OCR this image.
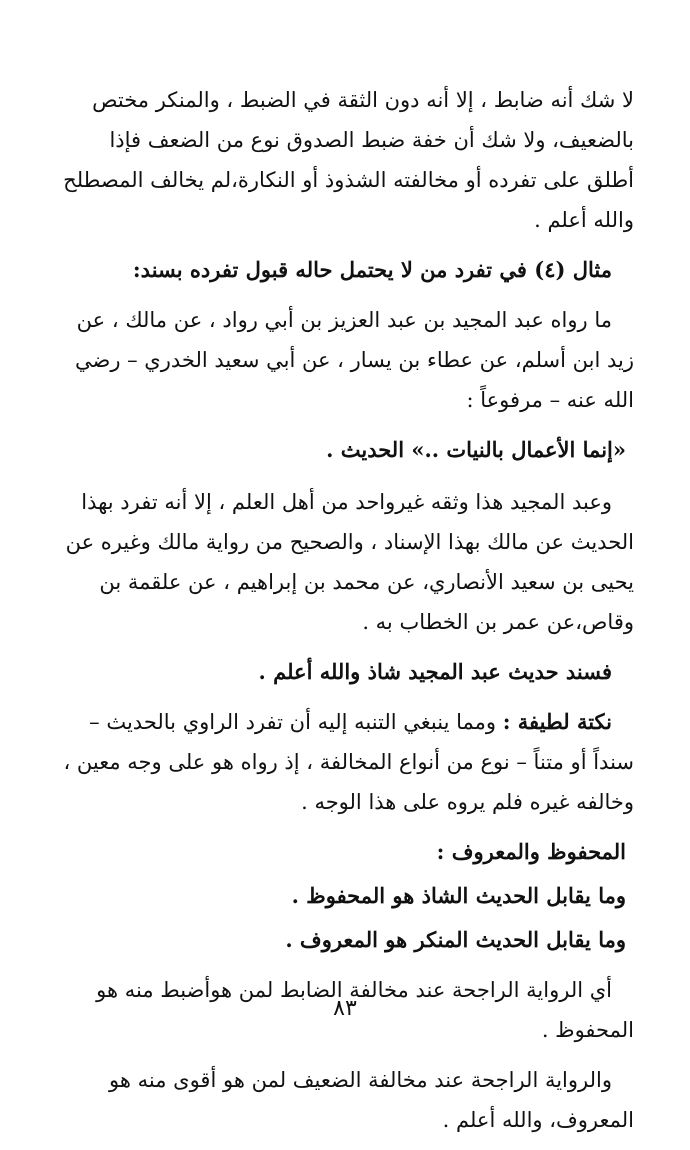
لا شك أنه ضابط ، إلا أنه دون الثقة في الضبط ، والمنكر مختص بالضعيف، ولا شك أن خفة ضبط الصدوق نوع من الضعف فإذا أطلق على تفرده أو مخالفته الشذوذ أو النكارة،لم يخالف المصطلح والله أعلم .

مثال (٤) في تفرد من لا يحتمل حاله قبول تفرده بسند:

ما رواه عبد المجيد بن عبد العزيز بن أبي رواد ، عن مالك ، عن زيد ابن أسلم، عن عطاء بن يسار ، عن أبي سعيد الخدري – رضي الله عنه – مرفوعاً :

«إنما الأعمال بالنيات ..» الحديث .

وعبد المجيد هذا وثقه غيرواحد من أهل العلم ، إلا أنه تفرد بهذا الحديث عن مالك بهذا الإسناد ، والصحيح من رواية مالك وغيره عن يحيى بن سعيد الأنصاري، عن محمد بن إبراهيم ، عن علقمة بن وقاص،عن عمر بن الخطاب به .

فسند حديث عبد المجيد شاذ والله أعلم .

نكتة لطيفة : ومما ينبغي التنبه إليه أن تفرد الراوي بالحديث – سنداً أو متناً – نوع من أنواع المخالفة ، إذ رواه هو على وجه معين ، وخالفه غيره فلم يروه على هذا الوجه .

المحفوظ والمعروف :

وما يقابل الحديث الشاذ هو المحفوظ .

وما يقابل الحديث المنكر هو المعروف .

أي الرواية الراجحة عند مخالفة الضابط لمن هوأضبط منه هو المحفوظ .

والرواية الراجحة عند مخالفة الضعيف لمن هو أقوى منه هو المعروف، والله أعلم .

٨٣
